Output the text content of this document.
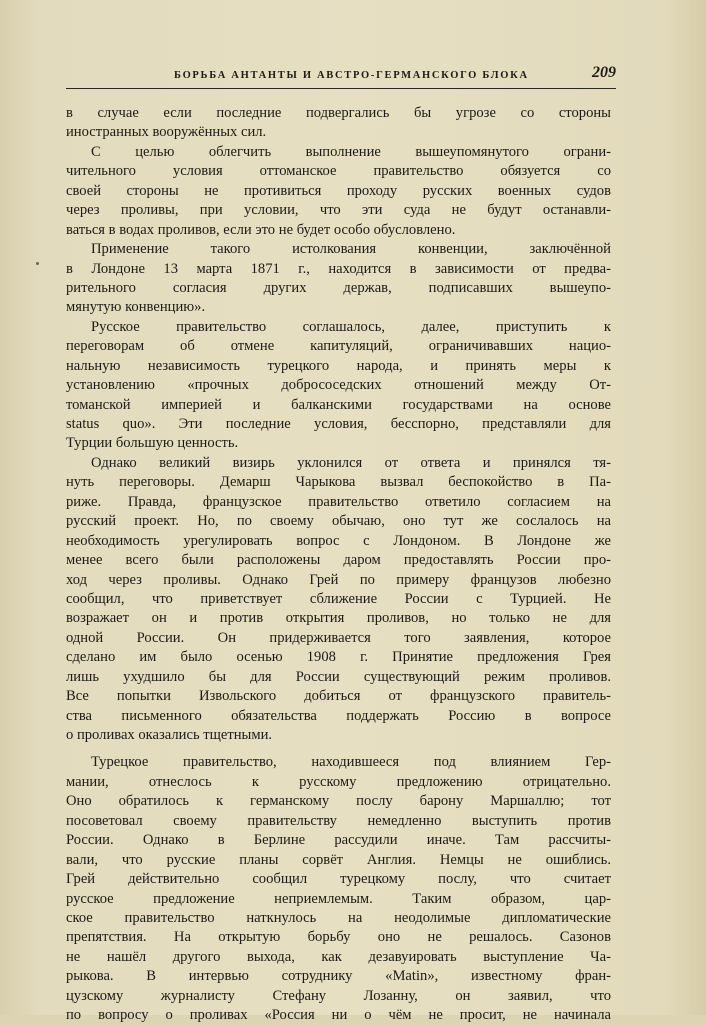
БОРЬБА АНТАНТЫ И АВСТРО-ГЕРМАНСКОГО БЛОКА	209
в случае если последние подвергались бы угрозе со стороны
иностранных вооружённых сил.
С целью облегчить выполнение вышеупомянутого ограни-
чительного условия оттоманское правительство обязуется со
своей стороны не противиться проходу русских военных судов
через проливы, при условии, что эти суда не будут останавли-
ваться в водах проливов, если это не будет особо обусловлено.
Применение такого истолкования конвенции, заключённой
в Лондоне 13 марта 1871 г., находится в зависимости от предва-
рительного согласия других держав, подписавших вышеупо-
мянутую конвенцию».
Русское правительство соглашалось, далее, приступить к
переговорам об отмене капитуляций, ограничивавших нацио-
нальную независимость турецкого народа, и принять меры к
установлению «прочных добрососедских отношений между От-
томанской империей и балканскими государствами на основе
status quo». Эти последние условия, бесспорно, представляли для
Турции большую ценность.
Однако великий визирь уклонился от ответа и принялся тя-
нуть переговоры. Демарш Чарыкова вызвал беспокойство в Па-
риже. Правда, французское правительство ответило согласием на
русский проект. Но, по своему обычаю, оно тут же сослалось на
необходимость урегулировать вопрос с Лондоном. В Лондоне же
менее всего были расположены даром предоставлять России про-
ход через проливы. Однако Грей по примеру французов любезно
сообщил, что приветствует сближение России с Турцией. Не
возражает он и против открытия проливов, но только не для
одной России. Он придерживается того заявления, которое
сделано им было осенью 1908 г. Принятие предложения Грея
лишь ухудшило бы для России существующий режим проливов.
Все попытки Извольского добиться от французского правитель-
ства письменного обязательства поддержать Россию в вопросе
о проливах оказались тщетными.
Турецкое правительство, находившееся под влиянием Гер-
мании, отнеслось к русскому предложению отрицательно.
Оно обратилось к германскому послу барону Маршаллю; тот
посоветовал своему правительству немедленно выступить против
России. Однако в Берлине рассудили иначе. Там рассчиты-
вали, что русские планы сорвёт Англия. Немцы не ошиблись.
Грей действительно сообщил турецкому послу, что считает
русское предложение неприемлемым. Таким образом, цар-
ское правительство наткнулось на неодолимые дипломатические
препятствия. На открытую борьбу оно не решалось. Сазонов
не нашёл другого выхода, как дезавуировать выступление Ча-
рыкова. В интервью сотруднику «Matin», известному фран-
цузскому журналисту Стефану Лозанну, он заявил, что
по вопросу о проливах «Россия ни о чём не просит, не начинала
